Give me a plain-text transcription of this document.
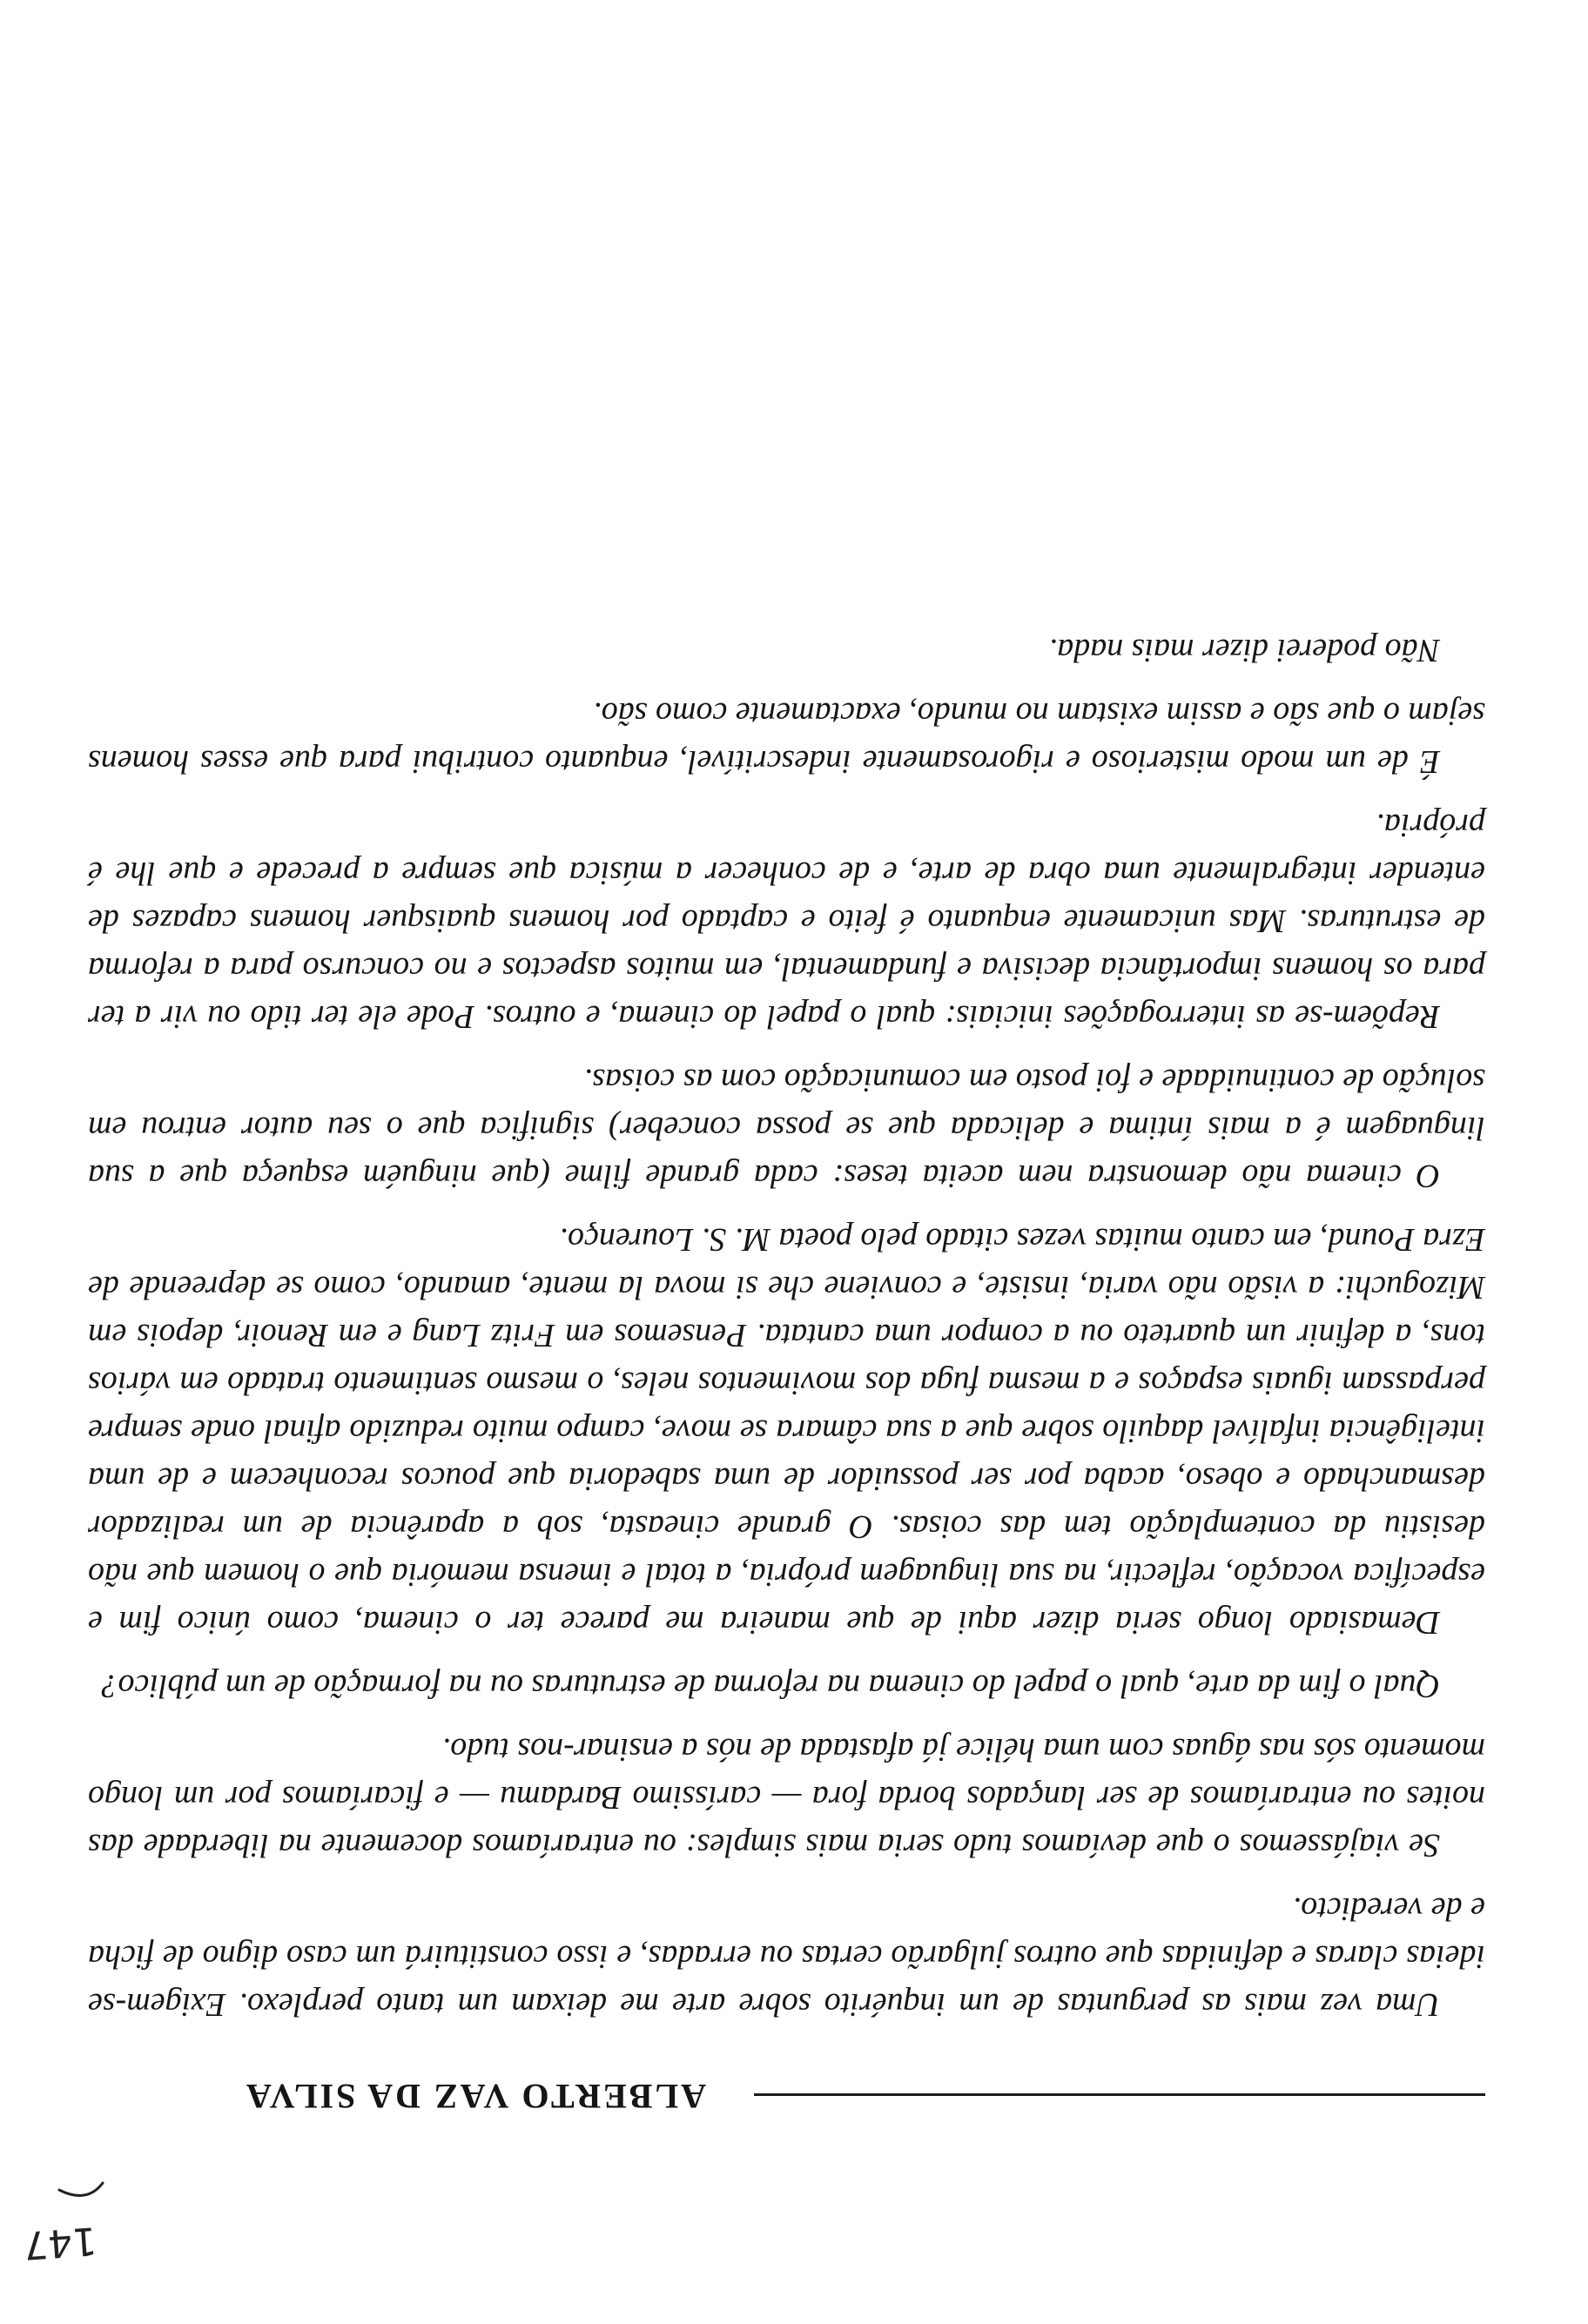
147
ALBERTO VAZ DA SILVA

Uma vez mais as perguntas de um inquérito sobre arte me deixam um tanto perplexo. Exigem-se ideias claras e definidas que outros julgarão certas ou erradas, e isso constituirá um caso digno de ficha e de veredicto.

Se viajássemos o que devíamos tudo seria mais simples: ou entraríamos docemente na liberdade das noites ou entraríamos de ser lançados borda fora — caríssimo Bardamu — e ficaríamos por um longo momento sós nas águas com uma hélice já afastada de nós a ensinar-nos tudo.

Qual o fim da arte, qual o papel do cinema na reforma de estruturas ou na formação de um público?

Demasiado longo seria dizer aqui de que maneira me parece ter o cinema, como único fim e específica vocação, reflectir, na sua linguagem própria, a total e imensa memória que o homem que não desistiu da contemplação tem das coisas. O grande cineasta, sob a aparência de um realizador desmanchado e obeso, acaba por ser possuidor de uma sabedoria que poucos reconhecem e de uma inteligência infalível daquilo sobre que a sua câmara se move, campo muito reduzido afinal onde sempre perpassam iguais espaços e a mesma fuga dos movimentos neles, o mesmo sentimento tratado em vários tons, a definir um quarteto ou a compor uma cantata. Pensemos em Fritz Lang e em Renoir, depois em Mizoguchi: a visão não varia, insiste, e conviene che si mova la mente, amando, como se depreende de Ezra Pound, em canto muitas vezes citado pelo poeta M. S. Lourenço.

O cinema não demonstra nem aceita teses: cada grande filme (que ninguém esqueça que a sua linguagem é a mais íntima e delicada que se possa conceber) significa que o seu autor entrou em solução de continuidade e foi posto em comunicação com as coisas.

Repõem-se as interrogações iniciais: qual o papel do cinema, e outros. Pode ele ter tido ou vir a ter para os homens importância decisiva e fundamental, em muitos aspectos e no concurso para a reforma de estruturas. Mas unicamente enquanto é feito e captado por homens quaisquer homens capazes de entender integralmente uma obra de arte, e de conhecer a música que sempre a precede e que lhe é própria.

É de um modo misterioso e rigorosamente indescritível, enquanto contribui para que esses homens sejam o que são e assim existam no mundo, exactamente como são.

Não poderei dizer mais nada.
